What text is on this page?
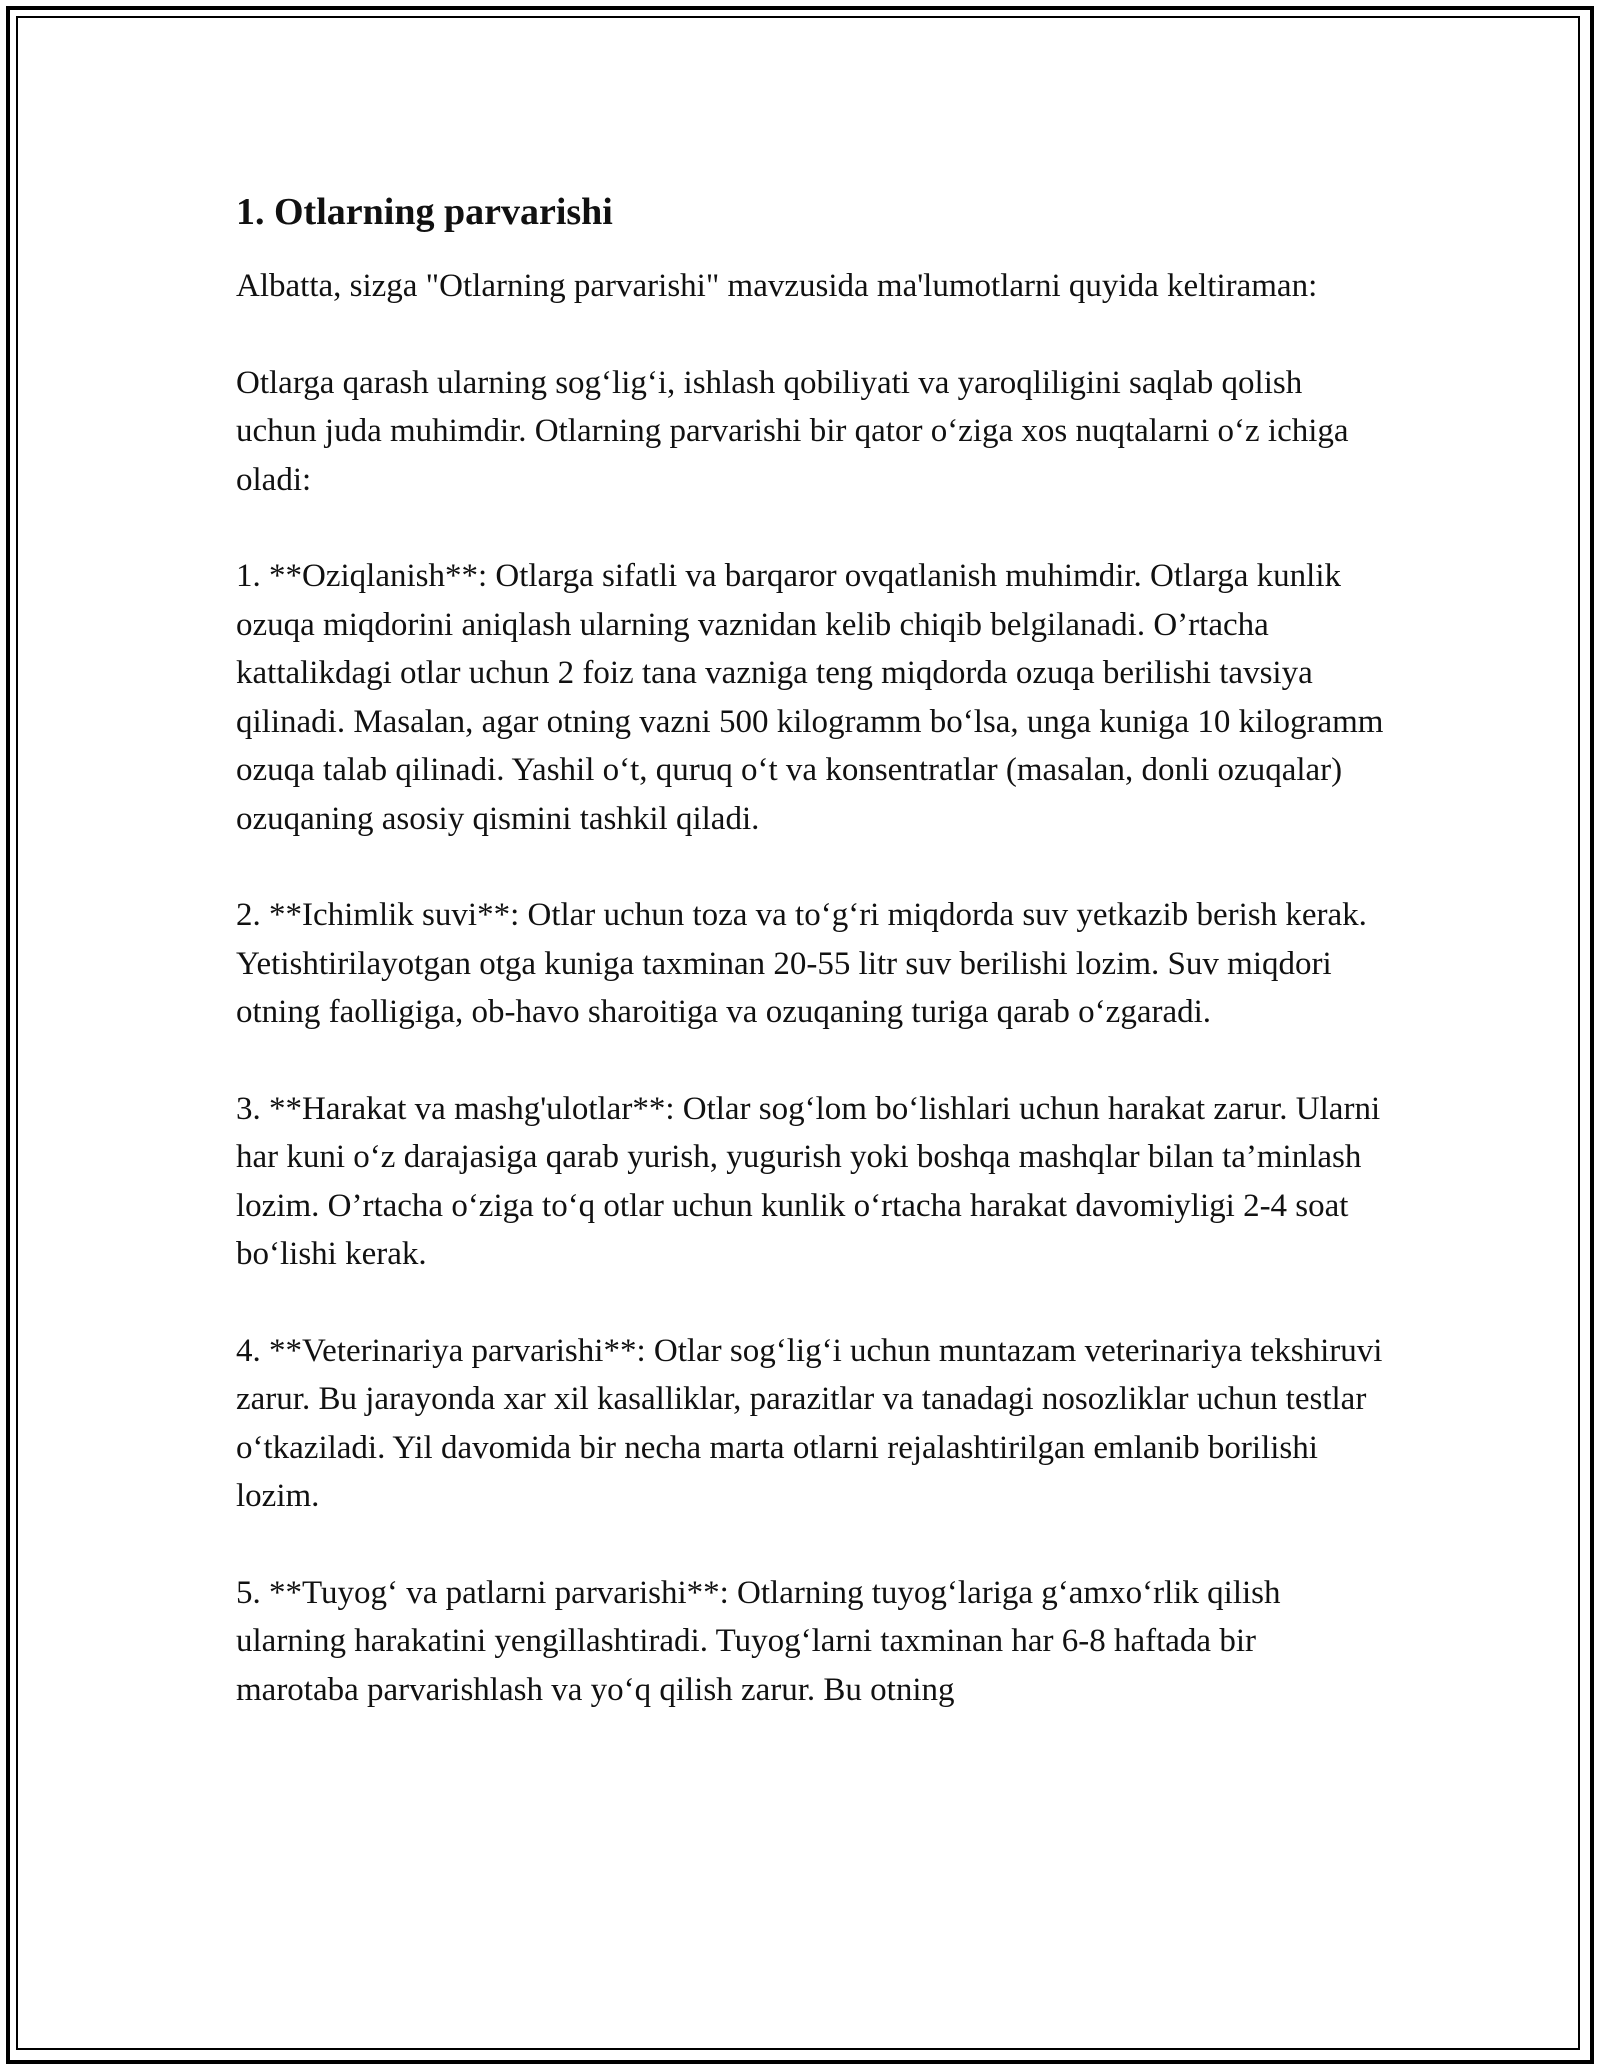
1. Otlarning parvarishi

Albatta, sizga "Otlarning parvarishi" mavzusida ma'lumotlarni quyida keltiraman:

Otlarga qarash ularning sog‘lig‘i, ishlash qobiliyati va yaroqliligini saqlab qolish uchun juda muhimdir. Otlarning parvarishi bir qator o‘ziga xos nuqtalarni o‘z ichiga oladi:

1. **Oziqlanish**: Otlarga sifatli va barqaror ovqatlanish muhimdir. Otlarga kunlik ozuqa miqdorini aniqlash ularning vaznidan kelib chiqib belgilanadi. O’rtacha kattalikdagi otlar uchun 2 foiz tana vazniga teng miqdorda ozuqa berilishi tavsiya qilinadi. Masalan, agar otning vazni 500 kilogramm bo‘lsa, unga kuniga 10 kilogramm ozuqa talab qilinadi. Yashil o‘t, quruq o‘t va konsentratlar (masalan, donli ozuqalar) ozuqaning asosiy qismini tashkil qiladi.

2. **Ichimlik suvi**: Otlar uchun toza va to‘g‘ri miqdorda suv yetkazib berish kerak. Yetishtirilayotgan otga kuniga taxminan 20-55 litr suv berilishi lozim. Suv miqdori otning faolligiga, ob-havo sharoitiga va ozuqaning turiga qarab o‘zgaradi.

3. **Harakat va mashg'ulotlar**: Otlar sog‘lom bo‘lishlari uchun harakat zarur. Ularni har kuni o‘z darajasiga qarab yurish, yugurish yoki boshqa mashqlar bilan ta’minlash lozim. O’rtacha o‘ziga to‘q otlar uchun kunlik o‘rtacha harakat davomiyligi 2-4 soat bo‘lishi kerak.

4. **Veterinariya parvarishi**: Otlar sog‘lig‘i uchun muntazam veterinariya tekshiruvi zarur. Bu jarayonda xar xil kasalliklar, parazitlar va tanadagi nosozliklar uchun testlar o‘tkaziladi. Yil davomida bir necha marta otlarni rejalashtirilgan emlanib borilishi lozim.

5. **Tuyog‘ va patlarni parvarishi**: Otlarning tuyog‘lariga g‘amxo‘rlik qilish ularning harakatini yengillashtiradi. Tuyog‘larni taxminan har 6-8 haftada bir marotaba parvarishlash va yo‘q qilish zarur. Bu otning
